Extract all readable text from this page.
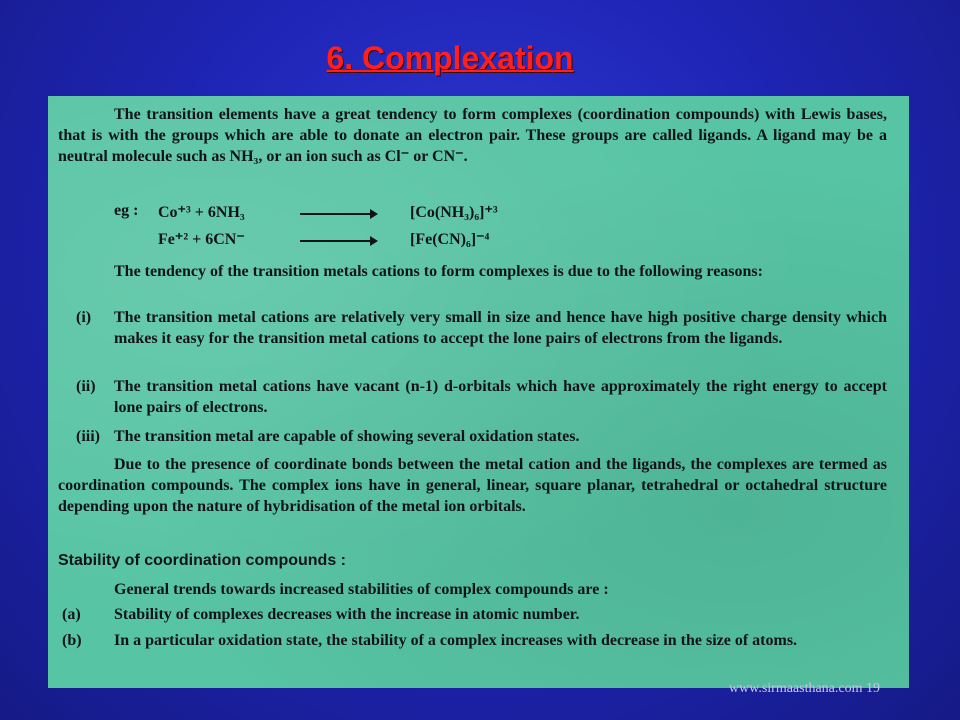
6. Complexation
The transition elements have a great tendency to form complexes (coordination compounds) with Lewis bases, that is with the groups which are able to donate an electron pair. These groups are called ligands. A ligand may be a neutral molecule such as NH₃, or an ion such as Cl⁻ or CN⁻.
eg : Co⁺³ + 6NH₃	[Co(NH₃)₆]⁺³
Fe⁺² + 6CN⁻	[Fe(CN)₆]⁻⁴
The tendency of the transition metals cations to form complexes is due to the following reasons:
(i) The transition metal cations are relatively very small in size and hence have high positive charge density which makes it easy for the transition metal cations to accept the lone pairs of electrons from the ligands.
(ii) The transition metal cations have vacant (n-1) d-orbitals which have approximately the right energy to accept lone pairs of electrons.
(iii) The transition metal are capable of showing several oxidation states.
Due to the presence of coordinate bonds between the metal cation and the ligands, the complexes are termed as coordination compounds. The complex ions have in general, linear, square planar, tetrahedral or octahedral structure depending upon the nature of hybridisation of the metal ion orbitals.
Stability of coordination compounds :
General trends towards increased stabilities of complex compounds are :
(a) Stability of complexes decreases with the increase in atomic number.
(b) In a particular oxidation state, the stability of a complex increases with decrease in the size of atoms.
www.sirmaasthana.com 19
